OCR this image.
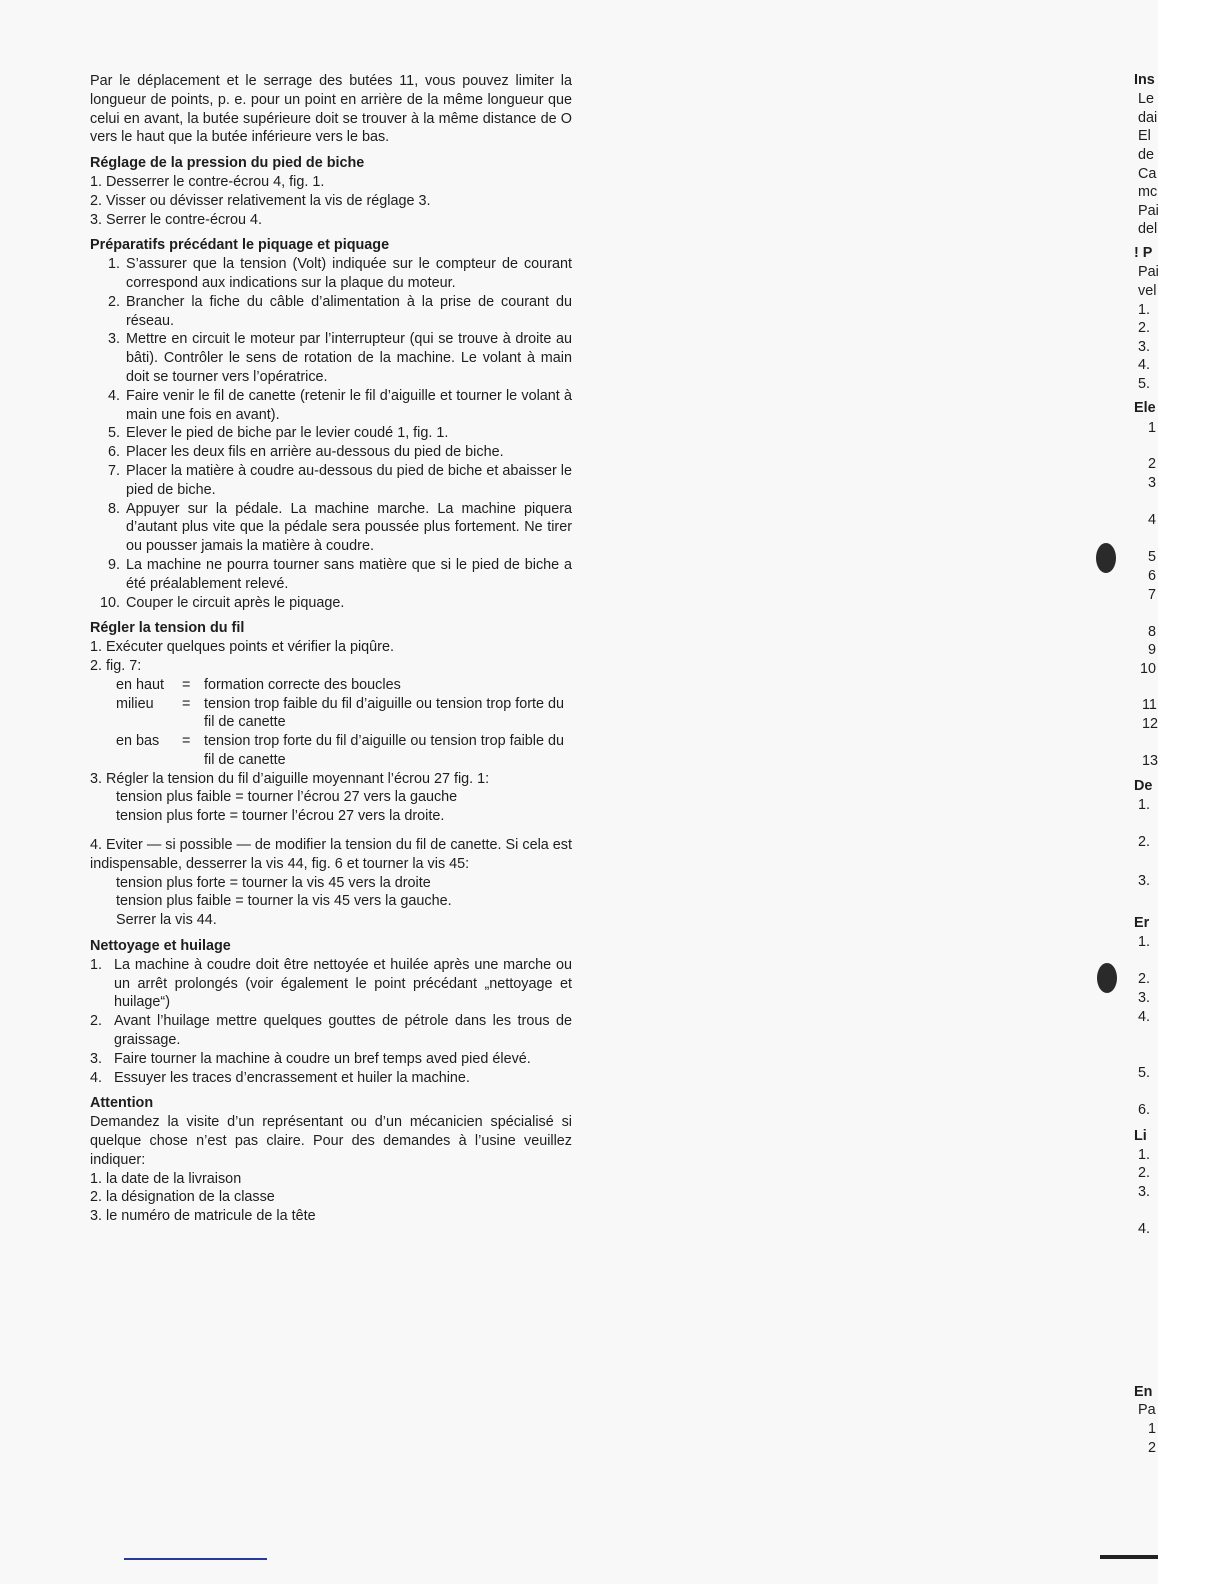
Par le déplacement et le serrage des butées 11, vous pouvez limiter la longueur de points, p. e. pour un point en arrière de la même longueur que celui en avant, la butée supérieure doit se trouver à la même distance de O vers le haut que la butée inférieure vers le bas.

Réglage de la pression du pied de biche
1. Desserrer le contre-écrou 4, fig. 1.
2. Visser ou dévisser relativement la vis de réglage 3.
3. Serrer le contre-écrou 4.
Préparatifs précédant le piquage et piquage
1. S’assurer que la tension (Volt) indiquée sur le compteur de courant correspond aux indications sur la plaque du moteur.
2. Brancher la fiche du câble d’alimentation à la prise de courant du réseau.
3. Mettre en circuit le moteur par l’interrupteur (qui se trouve à droite au bâti). Contrôler le sens de rotation de la machine. Le volant à main doit se tourner vers l’opératrice.
4. Faire venir le fil de canette (retenir le fil d’aiguille et tourner le volant à main une fois en avant).
5. Elever le pied de biche par le levier coudé 1, fig. 1.
6. Placer les deux fils en arrière au-dessous du pied de biche.
7. Placer la matière à coudre au-dessous du pied de biche et abaisser le pied de biche.
8. Appuyer sur la pédale. La machine marche. La machine piquera d’autant plus vite que la pédale sera poussée plus fortement. Ne tirer ou pousser jamais la matière à coudre.
9. La machine ne pourra tourner sans matière que si le pied de biche a été préalablement relevé.
10. Couper le circuit après le piquage.
Régler la tension du fil
1. Exécuter quelques points et vérifier la piqûre.
2. fig. 7:
en haut	= formation correcte des boucles
milieu	= tension trop faible du fil d’aiguille ou tension trop forte du fil de canette
en bas	= tension trop forte du fil d’aiguille ou tension trop faible du fil de canette
3. Régler la tension du fil d’aiguille moyennant l’écrou 27 fig. 1:
tension plus faible = tourner l’écrou 27 vers la gauche
tension plus forte = tourner l’écrou 27 vers la droite.
4. Eviter — si possible — de modifier la tension du fil de canette. Si cela est indispensable, desserrer la vis 44, fig. 6 et tourner la vis 45:
tension plus forte = tourner la vis 45 vers la droite
tension plus faible = tourner la vis 45 vers la gauche.
Serrer la vis 44.
Nettoyage et huilage
1. La machine à coudre doit être nettoyée et huilée après une marche ou un arrêt prolongés (voir également le point précédant „nettoyage et huilage“)
2. Avant l’huilage mettre quelques gouttes de pétrole dans les trous de graissage.
3. Faire tourner la machine à coudre un bref temps aved pied élevé.
4. Essuyer les traces d’encrassement et huiler la machine.
Attention

Demandez la visite d’un représentant ou d’un mécanicien spécialisé si quelque chose n’est pas claire. Pour des demandes à l’usine veuillez indiquer:

1. la date de la livraison
2. la désignation de la classe
3. le numéro de matricule de la tête
Ins
Le
dai
El
de
Ca
mc
Pai
del
! P
Pai
vel
1.
2.
3.
4.
5.
Ele
1
2
3
4
5
6
7
8
9
10
11
12
13
De
1.
2.
3.
Er
1.
2.
3.
4.
5.
6.
Li
1.
2.
3.
4.
En
Pa
1
2
